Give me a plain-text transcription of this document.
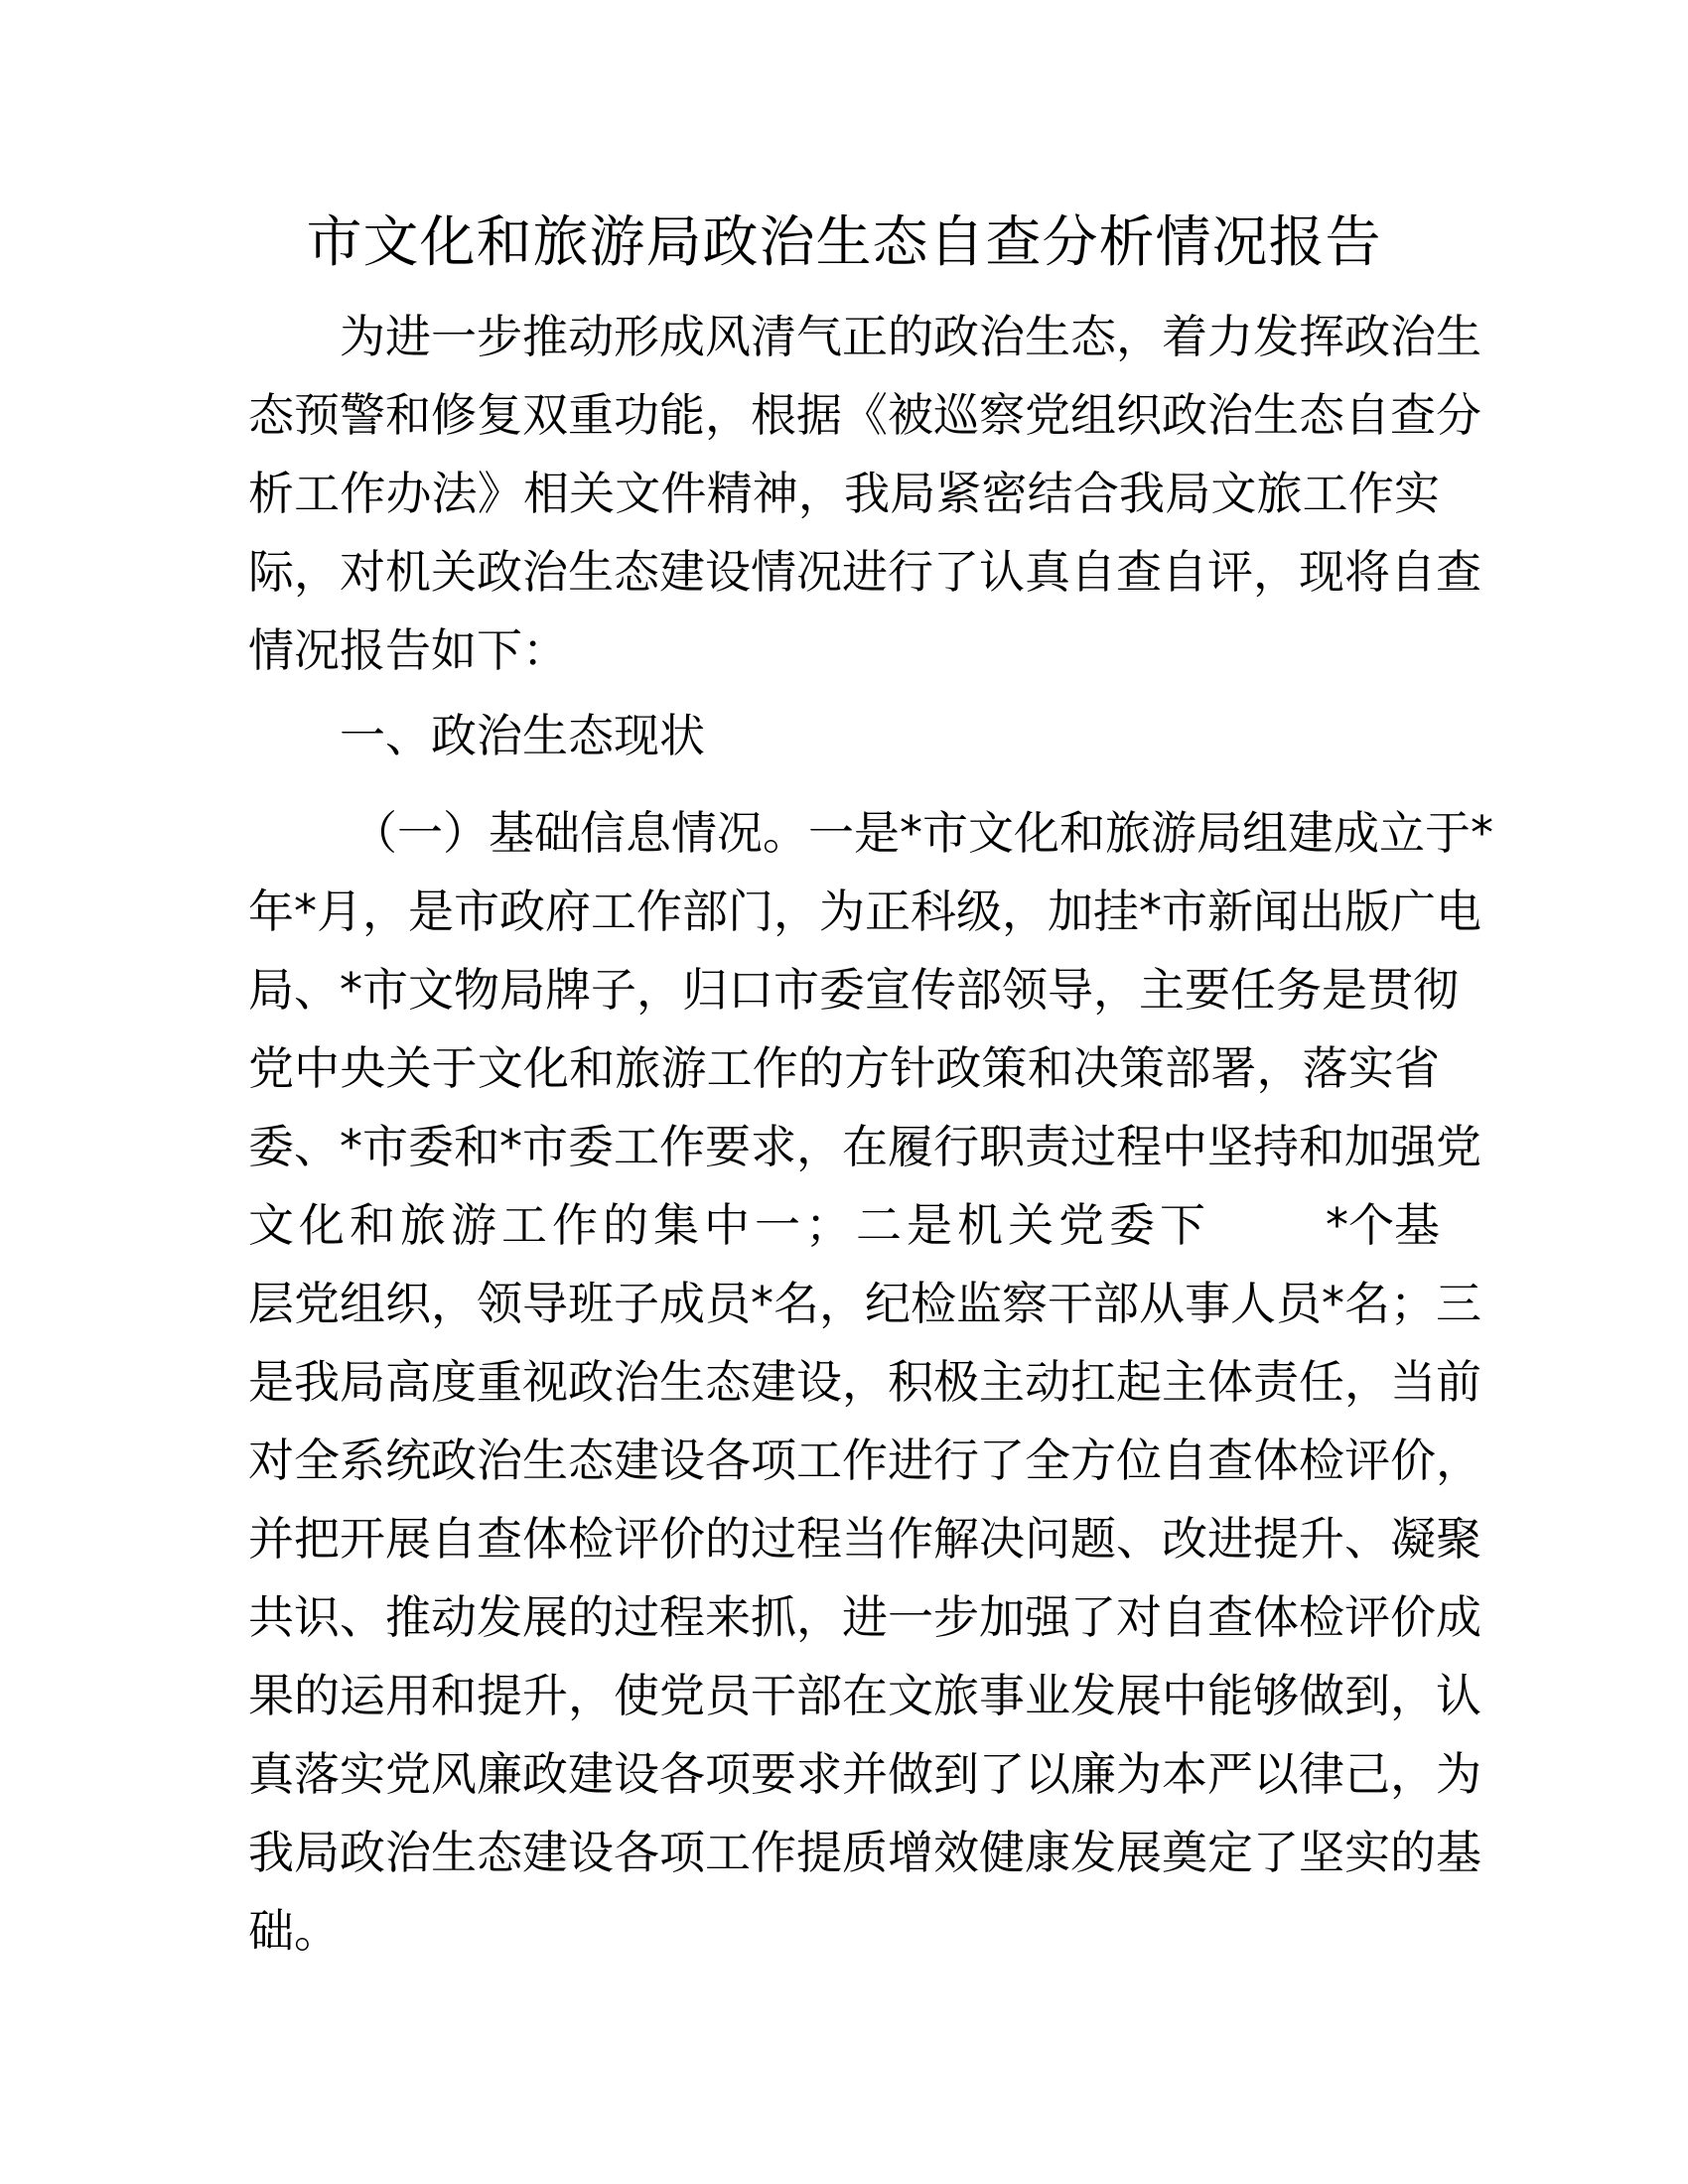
市文化和旅游局政治生态自查分析情况报告
为进一步推动形成风清气正的政治生态，着力发挥政治生
态预警和修复双重功能，根据《被巡察党组织政治生态自查分
析工作办法》相关文件精神，我局紧密结合我局文旅工作实
际，对机关政治生态建设情况进行了认真自查自评，现将自查
情况报告如下：
一、政治生态现状
（一）基础信息情况。一是*市文化和旅游局组建成立于*
年*月，是市政府工作部门，为正科级，加挂*市新闻出版广电
局、*市文物局牌子，归口市委宣传部领导，主要任务是贯彻
党中央关于文化和旅游工作的方针政策和决策部署，落实省
委、*市委和*市委工作要求，在履行职责过程中坚持和加强党
文化和旅游工作的集中一；二是机关党委下	*个基
层党组织，领导班子成员*名，纪检监察干部从事人员*名；三
是我局高度重视政治生态建设，积极主动扛起主体责任，当前
对全系统政治生态建设各项工作进行了全方位自查体检评价，
并把开展自查体检评价的过程当作解决问题、改进提升、凝聚
共识、推动发展的过程来抓，进一步加强了对自查体检评价成
果的运用和提升，使党员干部在文旅事业发展中能够做到，认
真落实党风廉政建设各项要求并做到了以廉为本严以律己，为
我局政治生态建设各项工作提质增效健康发展奠定了坚实的基
础。
